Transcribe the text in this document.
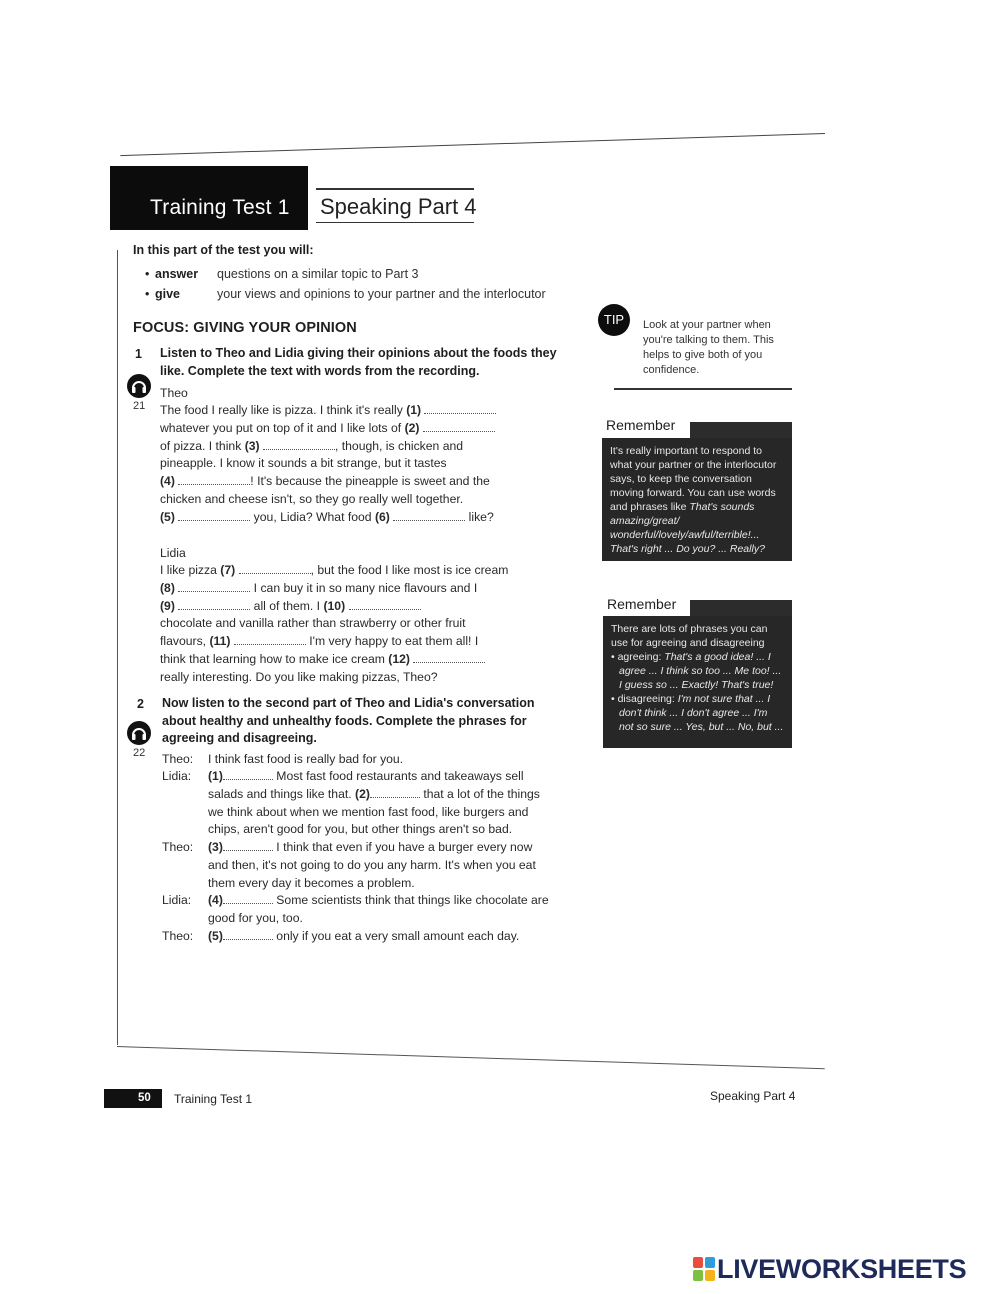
Training Test 1 Speaking Part 4
In this part of the test you will:
• answer questions on a similar topic to Part 3
• give	your views and opinions to your partner and the interlocutor
FOCUS: GIVING YOUR OPINION
1 Listen to Theo and Lidia giving their opinions about the foods they like. Complete the text with words from the recording.
21
Theo
The food I really like is pizza. I think it's really (1)
whatever you put on top of it and I like lots of (2)
of pizza. I think (3)	, though, is chicken and
pineapple. I know it sounds a bit strange, but it tastes
(4)	! It's because the pineapple is sweet and the
chicken and cheese isn't, so they go really well together.
(5)	you, Lidia? What food (6)	like?
Lidia
I like pizza (7)	, but the food I like most is ice cream
(8)	I can buy it in so many nice flavours and I
(9)	all of them. I (10)
chocolate and vanilla rather than strawberry or other fruit
flavours, (11)	I'm very happy to eat them all! I
think that learning how to make ice cream (12)
really interesting. Do you like making pizzas, Theo?
2 Now listen to the second part of Theo and Lidia's conversation about healthy and unhealthy foods. Complete the phrases for agreeing and disagreeing.
22 Theo:	I think fast food is really bad for you.
Lidia:	(1)	Most fast food restaurants and takeaways sell
salads and things like that. (2)	that a lot of the things
we think about when we mention fast food, like burgers and
chips, aren't good for you, but other things aren't so bad.
Theo:	(3)	I think that even if you have a burger every now
and then, it's not going to do you any harm. It's when you eat
them every day it becomes a problem.
Lidia:	(4)	Some scientists think that things like chocolate are
good for you, too.
Theo:	(5)	only if you eat a very small amount each day.
TIP	Look at your partner when you're talking to them. This helps to give both of you confidence.
Remember
It's really important to respond to what your partner or the interlocutor says, to keep the conversation moving forward. You can use words and phrases like That's sounds amazing/great/ wonderful/lovely/awful/terrible!... That's right ... Do you? ... Really?
Remember
There are lots of phrases you can use for agreeing and disagreeing
• agreeing: That's a good idea! ... I agree ... I think so too ... Me too! ... I guess so ... Exactly! That's true!
• disagreeing: I'm not sure that ... I don't think ... I don't agree ... I'm not so sure ... Yes, but ... No, but ...
50 Training Test 1	Speaking Part 4
LIVEWORKSHEETS
